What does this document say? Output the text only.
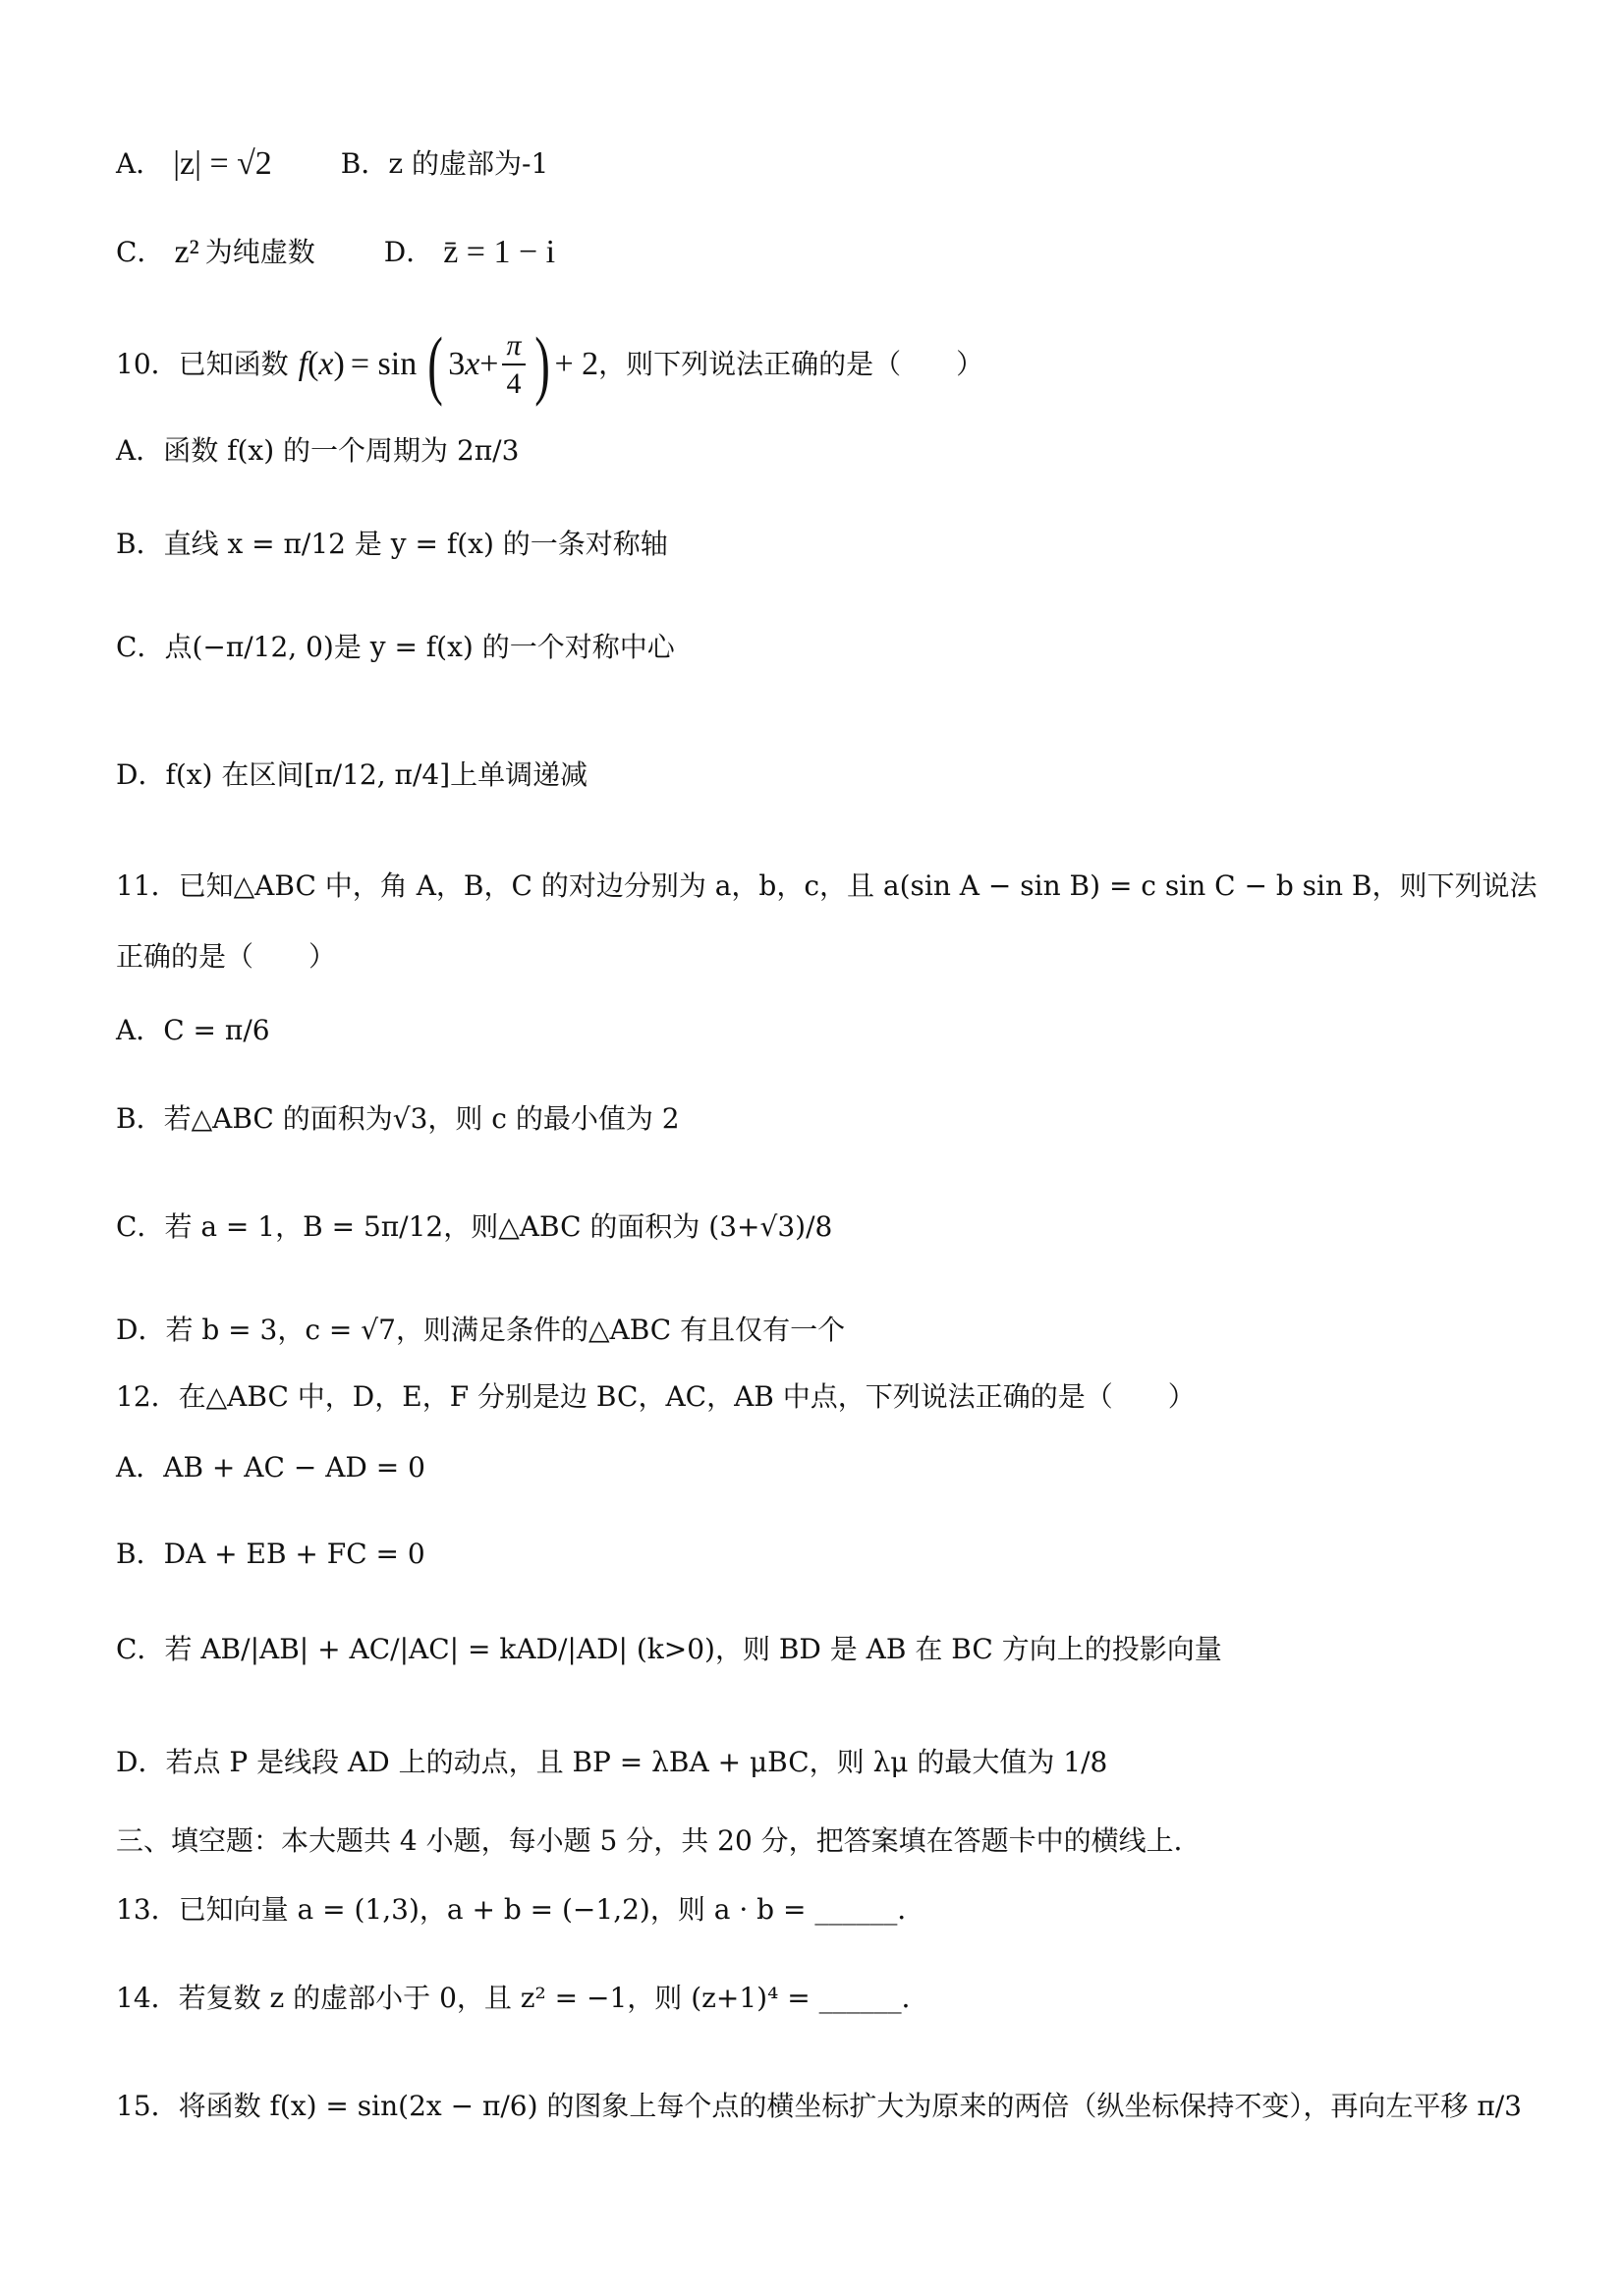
A． |z| = √2	B． z 的虚部为-1
C． z² 为纯虚数	D． z̄ = 1 − i
10．已知函数 f ( x ) = sin ( 3 $x + \frac{\pi}{4}$ ) + 2 ，则下列说法正确的是（　　）
A． 函数 f(x) 的一个周期为 2π/3
B． 直线 x = π/12 是 y = f(x) 的一条对称轴
C． 点(−π/12, 0)是 y = f(x) 的一个对称中心
D． f(x) 在区间[π/12, π/4]上单调递减
11．已知△ABC 中，角 A，B，C 的对边分别为 a，b，c，且 a(sin A − sin B) = c sin C − b sin B，则下列说法
正确的是（　　）
A． C = π/6
B． 若△ABC 的面积为√3，则 c 的最小值为 2
C． 若 a = 1，B = 5π/12，则△ABC 的面积为 (3+√3)/8
D． 若 b = 3，c = √7，则满足条件的△ABC 有且仅有一个
12．在△ABC 中，D，E，F 分别是边 BC，AC，AB 中点，下列说法正确的是（　　）
A． AB + AC − AD = 0
B． DA + EB + FC = 0
C． 若 AB/|AB| + AC/|AC| = kAD/|AD| (k>0)，则 BD 是 AB 在 BC 方向上的投影向量
D． 若点 P 是线段 AD 上的动点，且 BP = λBA + μBC，则 λμ 的最大值为 1/8
三、填空题：本大题共 4 小题，每小题 5 分，共 20 分，把答案填在答题卡中的横线上．
13．已知向量 a = (1,3)，a + b = (−1,2)，则 a · b = ______．
14．若复数 z 的虚部小于 0，且 z² = −1，则 (z+1)⁴ = ______．
15．将函数 f(x) = sin(2x − π/6) 的图象上每个点的横坐标扩大为原来的两倍（纵坐标保持不变），再向左平移 π/3
